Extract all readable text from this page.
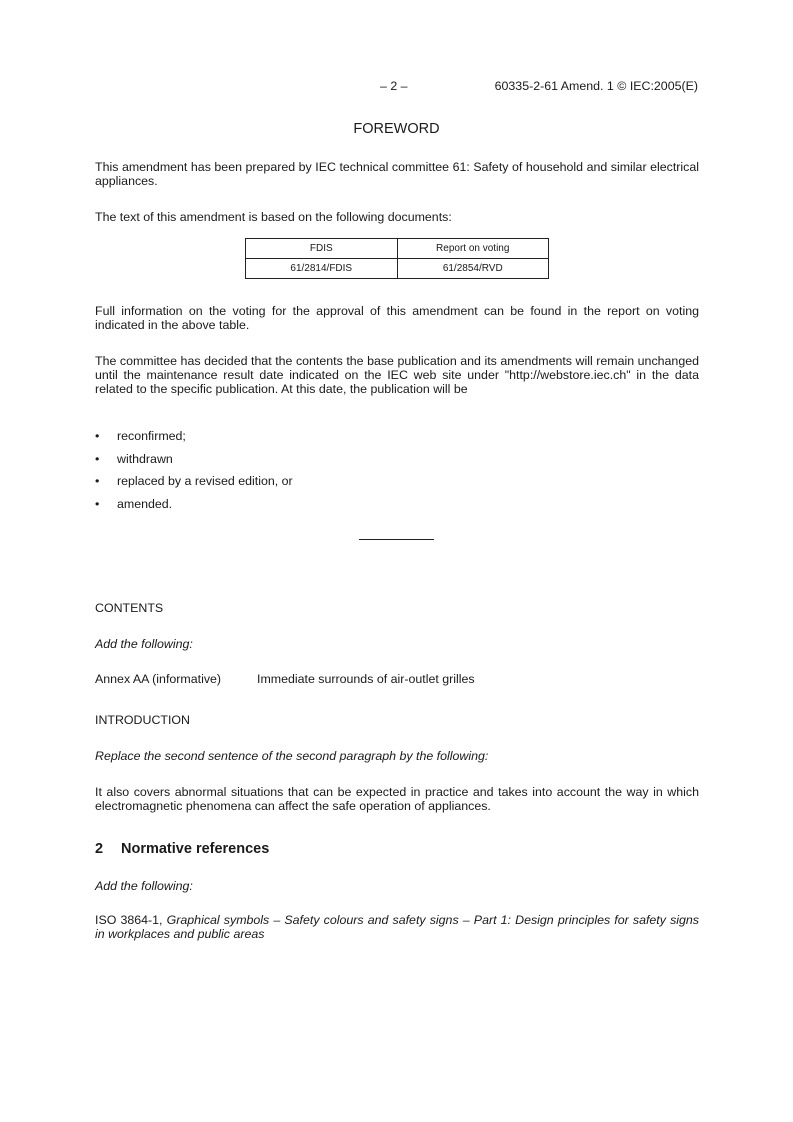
– 2 –	60335-2-61 Amend. 1 © IEC:2005(E)
FOREWORD
This amendment has been prepared by IEC technical committee 61: Safety of household and similar electrical appliances.
The text of this amendment is based on the following documents:
FDIS	Report on voting
61/2814/FDIS	61/2854/RVD
Full information on the voting for the approval of this amendment can be found in the report on voting indicated in the above table.
The committee has decided that the contents the base publication and its amendments will remain unchanged until the maintenance result date indicated on the IEC web site under "http://webstore.iec.ch" in the data related to the specific publication. At this date, the publication will be
• reconfirmed;
• withdrawn
• replaced by a revised edition, or
• amended.
CONTENTS
Add the following:
Annex AA (informative)	Immediate surrounds of air-outlet grilles
INTRODUCTION
Replace the second sentence of the second paragraph by the following:
It also covers abnormal situations that can be expected in practice and takes into account the way in which electromagnetic phenomena can affect the safe operation of appliances.
2 Normative references
Add the following:
ISO 3864-1, Graphical symbols – Safety colours and safety signs – Part 1: Design principles for safety signs in workplaces and public areas
